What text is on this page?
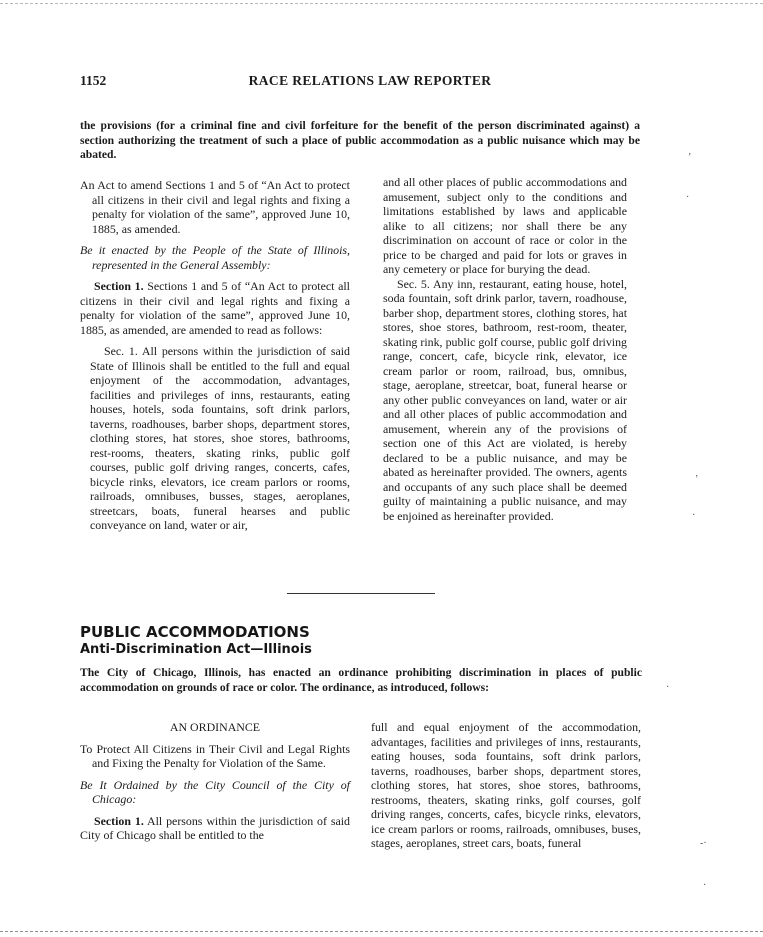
1152	RACE RELATIONS LAW REPORTER

the provisions (for a criminal fine and civil forfeiture for the benefit of the person discriminated against) a section authorizing the treatment of such a place of public accommodation as a public nuisance which may be abated.

An Act to amend Sections 1 and 5 of “An Act to protect all citizens in their civil and legal rights and fixing a penalty for violation of the same”, approved June 10, 1885, as amended.

Be it enacted by the People of the State of Illinois, represented in the General Assembly:

Section 1. Sections 1 and 5 of “An Act to protect all citizens in their civil and legal rights and fixing a penalty for violation of the same”, approved June 10, 1885, as amended, are amended to read as follows:

Sec. 1. All persons within the jurisdiction of said State of Illinois shall be entitled to the full and equal enjoyment of the accommodation, advantages, facilities and privileges of inns, restaurants, eating houses, hotels, soda fountains, soft drink parlors, taverns, roadhouses, barber shops, department stores, clothing stores, hat stores, shoe stores, bathrooms, rest-rooms, theaters, skating rinks, public golf courses, public golf driving ranges, concerts, cafes, bicycle rinks, elevators, ice cream parlors or rooms, railroads, omnibuses, busses, stages, aeroplanes, streetcars, boats, funeral hearses and public conveyance on land, water or air,

and all other places of public accommodations and amusement, subject only to the conditions and limitations established by laws and applicable alike to all citizens; nor shall there be any discrimination on account of race or color in the price to be charged and paid for lots or graves in any cemetery or place for burying the dead.

Sec. 5. Any inn, restaurant, eating house, hotel, soda fountain, soft drink parlor, tavern, roadhouse, barber shop, department stores, clothing stores, hat stores, shoe stores, bathroom, rest-room, theater, skating rink, public golf course, public golf driving range, concert, cafe, bicycle rink, elevator, ice cream parlor or room, railroad, bus, omnibus, stage, aeroplane, streetcar, boat, funeral hearse or any other public conveyances on land, water or air and all other places of public accommodation and amusement, wherein any of the provisions of section one of this Act are violated, is hereby declared to be a public nuisance, and may be abated as hereinafter provided. The owners, agents and occupants of any such place shall be deemed guilty of maintaining a public nuisance, and may be enjoined as hereinafter provided.

PUBLIC ACCOMMODATIONS
Anti-Discrimination Act—Illinois

The City of Chicago, Illinois, has enacted an ordinance prohibiting discrimination in places of public accommodation on grounds of race or color. The ordinance, as introduced, follows:

AN ORDINANCE

To Protect All Citizens in Their Civil and Legal Rights and Fixing the Penalty for Violation of the Same.

Be It Ordained by the City Council of the City of Chicago:

Section 1. All persons within the jurisdiction of said City of Chicago shall be entitled to the

full and equal enjoyment of the accommodation, advantages, facilities and privileges of inns, restaurants, eating houses, soda fountains, soft drink parlors, taverns, roadhouses, barber shops, department stores, clothing stores, hat stores, shoe stores, bathrooms, restrooms, theaters, skating rinks, golf courses, golf driving ranges, concerts, cafes, bicycle rinks, elevators, ice cream parlors or rooms, railroads, omnibuses, buses, stages, aeroplanes, street cars, boats, funeral

’
·
’
·
·
-·
·
